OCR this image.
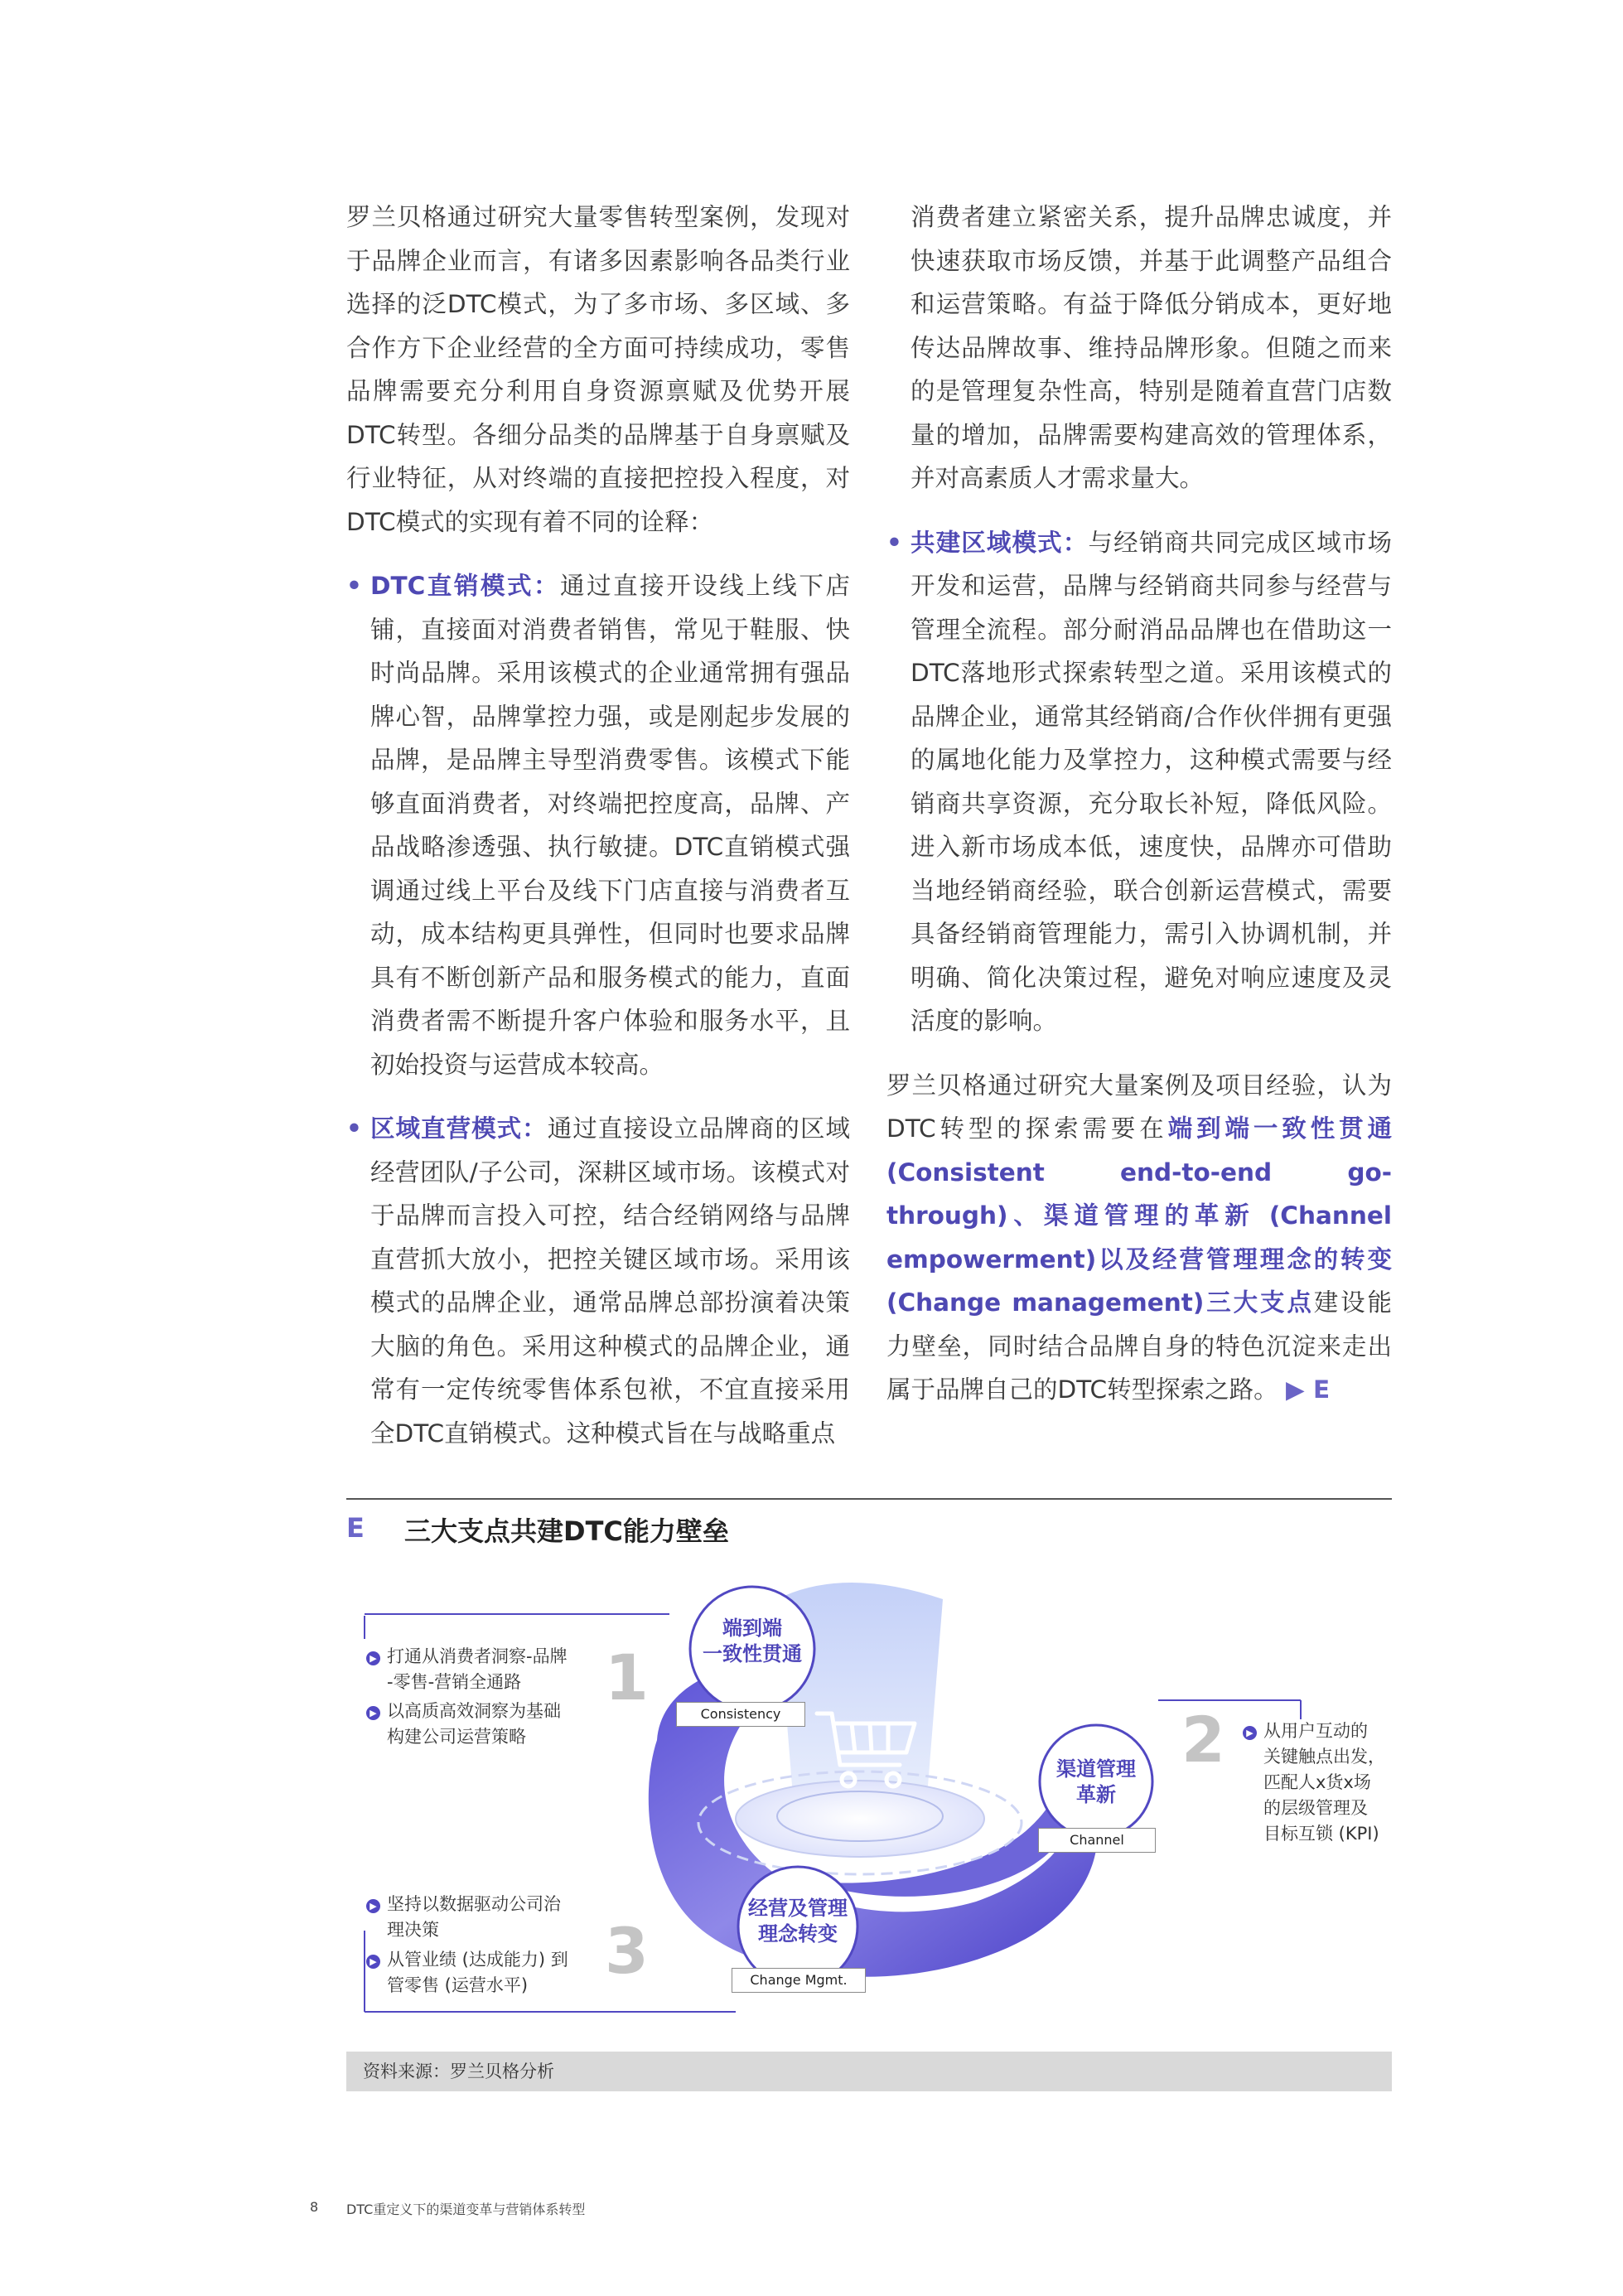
罗兰贝格通过研究大量零售转型案例，发现对于品牌企业而言，有诸多因素影响各品类行业选择的泛DTC模式，为了多市场、多区域、多合作方下企业经营的全方面可持续成功，零售品牌需要充分利用自身资源禀赋及优势开展DTC转型。各细分品类的品牌基于自身禀赋及行业特征，从对终端的直接把控投入程度，对DTC模式的实现有着不同的诠释：

• DTC直销模式：通过直接开设线上线下店铺，直接面对消费者销售，常见于鞋服、快时尚品牌。采用该模式的企业通常拥有强品牌心智，品牌掌控力强，或是刚起步发展的品牌，是品牌主导型消费零售。该模式下能够直面消费者，对终端把控度高，品牌、产品战略渗透强、执行敏捷。DTC直销模式强调通过线上平台及线下门店直接与消费者互动，成本结构更具弹性，但同时也要求品牌具有不断创新产品和服务模式的能力，直面消费者需不断提升客户体验和服务水平，且初始投资与运营成本较高。
• 区域直营模式：通过直接设立品牌商的区域经营团队/子公司，深耕区域市场。该模式对于品牌而言投入可控，结合经销网络与品牌直营抓大放小，把控关键区域市场。采用该模式的品牌企业，通常品牌总部扮演着决策大脑的角色。采用这种模式的品牌企业，通常有一定传统零售体系包袱，不宜直接采用全DTC直销模式。这种模式旨在与战略重点

消费者建立紧密关系，提升品牌忠诚度，并快速获取市场反馈，并基于此调整产品组合和运营策略。有益于降低分销成本，更好地传达品牌故事、维持品牌形象。但随之而来的是管理复杂性高，特别是随着直营门店数量的增加，品牌需要构建高效的管理体系，并对高素质人才需求量大。

• 共建区域模式：与经销商共同完成区域市场开发和运营，品牌与经销商共同参与经营与管理全流程。部分耐消品品牌也在借助这一DTC落地形式探索转型之道。采用该模式的品牌企业，通常其经销商/合作伙伴拥有更强的属地化能力及掌控力，这种模式需要与经销商共享资源，充分取长补短，降低风险。进入新市场成本低，速度快，品牌亦可借助当地经销商经验，联合创新运营模式，需要具备经销商管理能力，需引入协调机制，并明确、简化决策过程，避免对响应速度及灵活度的影响。

罗兰贝格通过研究大量案例及项目经验，认为DTC转型的探索需要在端到端一致性贯通(Consistent end-to-end go-through)、渠道管理的革新 (Channel empowerment)以及经营管理理念的转变(Change management)三大支点建设能力壁垒，同时结合品牌自身的特色沉淀来走出属于品牌自己的DTC转型探索之路。 ▶ E

E 三大支点共建DTC能力壁垒
▶ 打通从消费者洞察-品牌
-零售-营销全通路
▶ 以高质高效洞察为基础
构建公司运营策略	▶ 从用户互动的
关键触点出发，
匹配人x货x场
的层级管理及
目标互锁 (KPI)
▶ 坚持以数据驱动公司治
理决策
▶ 从管业绩 (达成能力) 到
管零售 (运营水平)
1
2
3
端到端
一致性贯通
Consistency
渠道管理
革新
Channel
经营及管理
理念转变
Change Mgmt.
资料来源：罗兰贝格分析
8 DTC重定义下的渠道变革与营销体系转型
